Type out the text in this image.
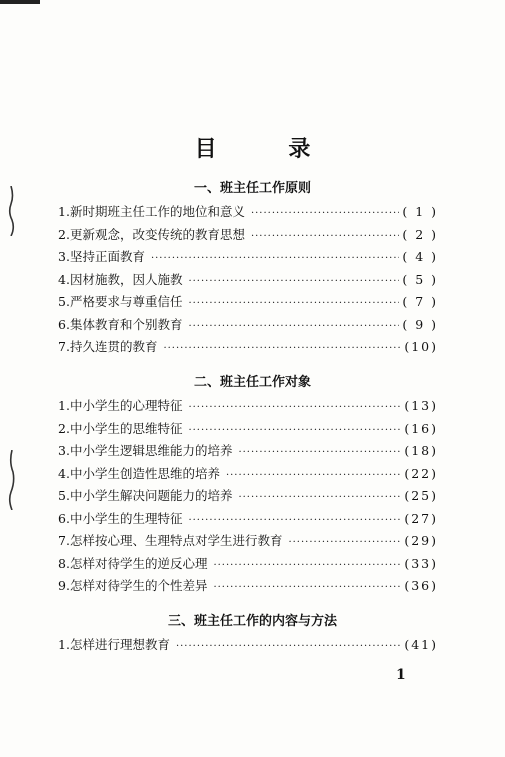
目 录
一、班主任工作原则
1. 新时期班主任工作的地位和意义 ·····	( 1 )
2. 更新观念，改变传统的教育思想 ·····	( 2 )
3. 坚持正面教育 ·····	( 4 )
4. 因材施教，因人施教 ·····	( 5 )
5. 严格要求与尊重信任 ·····	( 7 )
6. 集体教育和个别教育 ·····	( 9 )
7. 持久连贯的教育 ·····	(10)
二、班主任工作对象
1. 中小学生的心理特征 ·····	(13)
2. 中小学生的思维特征 ·····	(16)
3. 中小学生逻辑思维能力的培养 ·····	(18)
4. 中小学生创造性思维的培养 ·····	(22)
5. 中小学生解决问题能力的培养 ·····	(25)
6. 中小学生的生理特征 ·····	(27)
7. 怎样按心理、生理特点对学生进行教育 ·····	(29)
8. 怎样对待学生的逆反心理 ·····	(33)
9. 怎样对待学生的个性差异 ·····	(36)
三、班主任工作的内容与方法
1. 怎样进行理想教育 ·····	(41)
1
